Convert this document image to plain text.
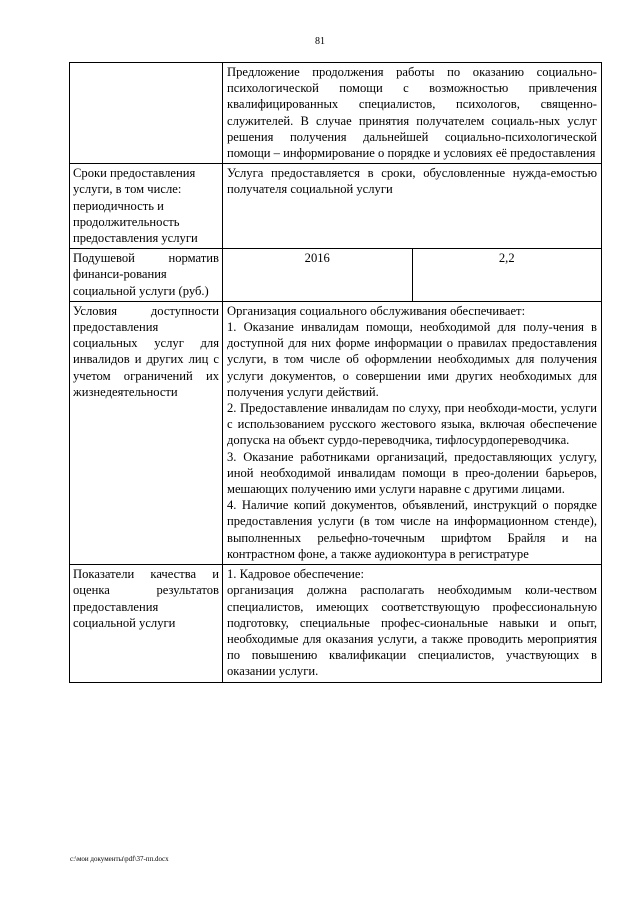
81

	Предложение продолжения работы по оказанию социально-психологической помощи с возможностью привлечения квалифицированных специалистов, психологов, священно-служителей. В случае принятия получателем социаль-ных услуг решения получения дальнейшей социально-психологической помощи – информирование о порядке и условиях её предоставления	

Сроки предоставления услуги, в том числе: периодичность и продолжительность предоставления услуги	Услуга предоставляется в сроки, обусловленные нужда-емостью получателя социальной услуги	

Подушевой норматив финанси-рования социальной услуги (руб.)	2016	2,2

Условия доступности предоставления социальных услуг для инвалидов и других лиц с учетом ограничений их жизнедеятельности	Организация социального обслуживания обеспечивает:

1. Оказание инвалидам помощи, необходимой для полу-чения в доступной для них форме информации о правилах предоставления услуги, в том числе об оформлении необходимых для получения услуги документов, о совершении ими других необходимых для получения услуги действий.

2. Предоставление инвалидам по слуху, при необходи-мости, услуги с использованием русского жестового языка, включая обеспечение допуска на объект сурдо-переводчика, тифлосурдопереводчика.

3. Оказание работниками организаций, предоставляющих услугу, иной необходимой инвалидам помощи в прео-долении барьеров, мешающих получению ими услуги наравне с другими лицами.

4. Наличие копий документов, объявлений, инструкций о порядке предоставления услуги (в том числе на информационном стенде), выполненных рельефно-точечным шрифтом Брайля и на контрастном фоне, а также аудиоконтура в регистратуре	

Показатели качества и оценка результатов предоставления социальной услуги	1. Кадровое обеспечение:

организация должна располагать необходимым коли-чеством специалистов, имеющих соответствующую профессиональную подготовку, специальные профес-сиональные навыки и опыт, необходимые для оказания услуги, а также проводить мероприятия по повышению квалификации специалистов, участвующих в оказании услуги.	

c:\мои документы\pdf\37-пп.docx
